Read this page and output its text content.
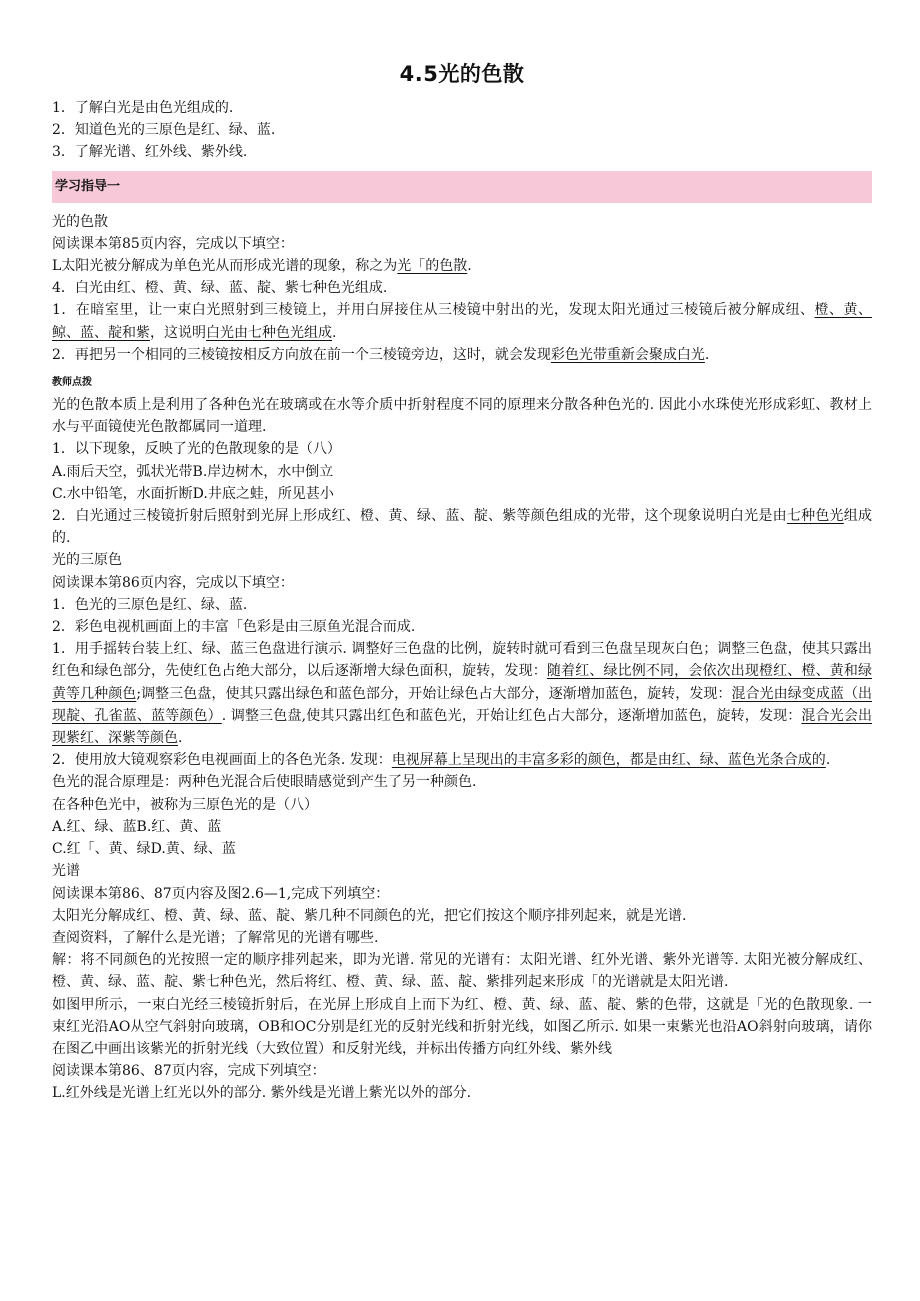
4.5光的色散
1．了解白光是由色光组成的.
2．知道色光的三原色是红、绿、蓝.
3．了解光谱、红外线、紫外线.
学习指导一
光的色散
阅读课本第85页内容，完成以下填空：
L太阳光被分解成为单色光从而形成光谱的现象，称之为光「的色散.
4．白光由红、橙、黄、绿、蓝、靛、紫七种色光组成.
1．在暗室里，让一束白光照射到三棱镜上，并用白屏接住从三棱镜中射出的光，发现太阳光通过三棱镜后被分解成纽、橙、黄、鲸、蓝、靛和紫，这说明白光由七种色光组成.
2．再把另一个相同的三棱镜按相反方向放在前一个三棱镜旁边，这时，就会发现彩色光带重新会聚成白光.
教师点拨
光的色散本质上是利用了各种色光在玻璃或在水等介质中折射程度不同的原理来分散各种色光的. 因此小水珠使光形成彩虹、教材上水与平面镜使光色散都属同一道理.
1．以下现象，反映了光的色散现象的是（八）
A.雨后天空，弧状光带B.岸边树木，水中倒立
C.水中铅笔，水面折断D.井底之蛙，所见甚小
2．白光通过三棱镜折射后照射到光屏上形成红、橙、黄、绿、蓝、靛、紫等颜色组成的光带，这个现象说明白光是由七种色光组成的.
光的三原色
阅读课本第86页内容，完成以下填空：
1．色光的三原色是红、绿、蓝.
2．彩色电视机画面上的丰富「色彩是由三原鱼光混合而成.
1．用手摇转台装上红、绿、蓝三色盘进行演示. 调整好三色盘的比例，旋转时就可看到三色盘呈现灰白色；调整三色盘，使其只露出红色和绿色部分，先使红色占绝大部分，以后逐渐增大绿色面积，旋转，发现：随着红、绿比例不同，会依次出现橙红、橙、黄和绿黄等几种颜色;调整三色盘，使其只露出绿色和蓝色部分，开始让绿色占大部分，逐渐增加蓝色，旋转，发现：混合光由绿变成蓝（出现靛、孔雀蓝、蓝等颜色）. 调整三色盘,使其只露出红色和蓝色光，开始让红色占大部分，逐渐增加蓝色，旋转，发现：混合光会出现紫红、深紫等颜色.
2．使用放大镜观察彩色电视画面上的各色光条. 发现：电视屏幕上呈现出的丰富多彩的颜色，都是由红、绿、蓝色光条合成的.
色光的混合原理是：两种色光混合后使眼睛感觉到产生了另一种颜色.
在各种色光中，被称为三原色光的是（八）
A.红、绿、蓝B.红、黄、蓝
C.红「、黄、绿D.黄、绿、蓝
光谱
阅读课本第86、87页内容及图2.6—1,完成下列填空：
太阳光分解成红、橙、黄、绿、蓝、靛、紫几种不同颜色的光，把它们按这个顺序排列起来，就是光谱.
查阅资料，了解什么是光谱；了解常见的光谱有哪些.
解：将不同颜色的光按照一定的顺序排列起来，即为光谱. 常见的光谱有：太阳光谱、红外光谱、紫外光谱等. 太阳光被分解成红、橙、黄、绿、蓝、靛、紫七种色光，然后将红、橙、黄、绿、蓝、靛、紫排列起来形成「的光谱就是太阳光谱.
如图甲所示，一束白光经三棱镜折射后，在光屏上形成自上而下为红、橙、黄、绿、蓝、靛、紫的色带，这就是「光的色散现象. 一束红光沿AO从空气斜射向玻璃，OB和OC分别是红光的反射光线和折射光线，如图乙所示. 如果一束紫光也沿AO斜射向玻璃，请你在图乙中画出该紫光的折射光线（大致位置）和反射光线，并标出传播方向红外线、紫外线
阅读课本第86、87页内容，完成下列填空：
L.红外线是光谱上红光以外的部分. 紫外线是光谱上紫光以外的部分.
